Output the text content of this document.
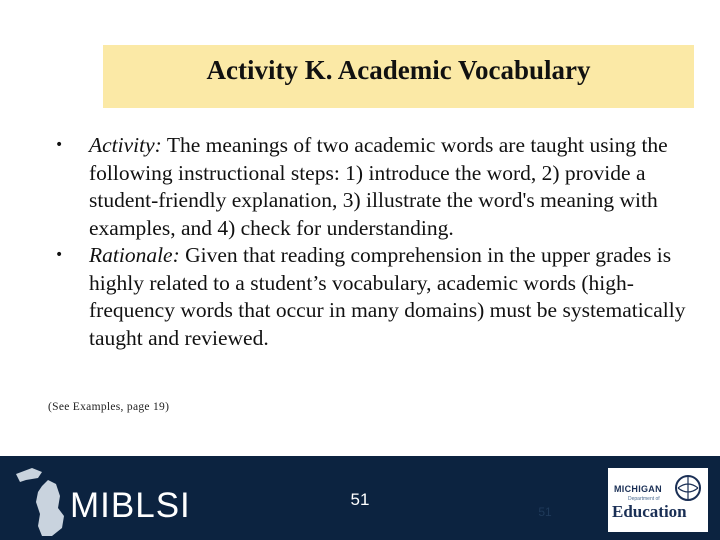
Activity K. Academic Vocabulary
• Activity: The meanings of two academic words are taught using the following instructional steps: 1) introduce the word, 2) provide a student-friendly explanation, 3) illustrate the word's meaning with examples, and 4) check for understanding.
• Rationale: Given that reading comprehension in the upper grades is highly related to a student’s vocabulary, academic words (high-frequency words that occur in many domains) must be systematically taught and reviewed.
(See Examples, page 19)
MIBLSI	51
51
MICHIGAN
Department of
Education
